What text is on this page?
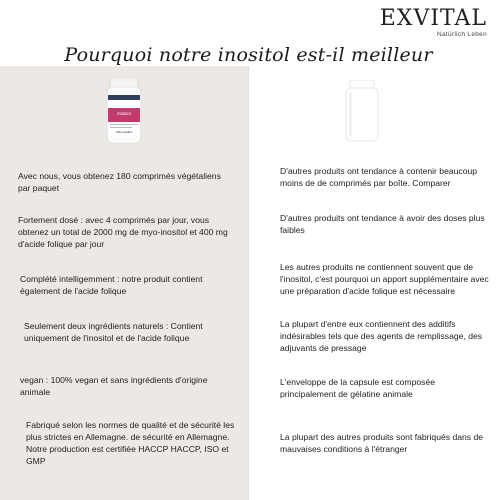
EXVITAL
Natürlich Leben
Pourquoi notre inositol est-il meilleur
Inositol
180 pastilles
Avec nous, vous obtenez 180 comprimés végétaliens par paquet
Fortement dosé : avec 4 comprimés par jour, vous obtenez un total de 2000 mg de myo-inositol et 400 mg d'acide folique par jour
Complété intelligemment : notre produit contient également de l'acide folique
Seulement deux ingrédients naturels : Contient uniquement de l'inositol et de l'acide folique
vegan : 100% vegan et sans ingrédients d'origine animale
Fabriqué selon les normes de qualité et de sécurité les plus strictes en Allemagne. de sécurité en Allemagne. Notre production est certifiée HACCP HACCP, ISO et GMP
D'autres produits ont tendance à contenir beaucoup moins de de comprimés par boîte. Comparer
D'autres produits ont tendance à avoir des doses plus faibles
Les autres produits ne contiennent souvent que de l'inositol, c'est pourquoi un apport supplémentaire avec une préparation d'acide folique est nécessaire
La plupart d'entre eux contiennent des additifs indésirables tels que des agents de remplissage, des adjuvants de pressage
L'enveloppe de la capsule est composée principalement de gélatine animale
La plupart des autres produits sont fabriqués dans de mauvaises conditions à l'étranger
